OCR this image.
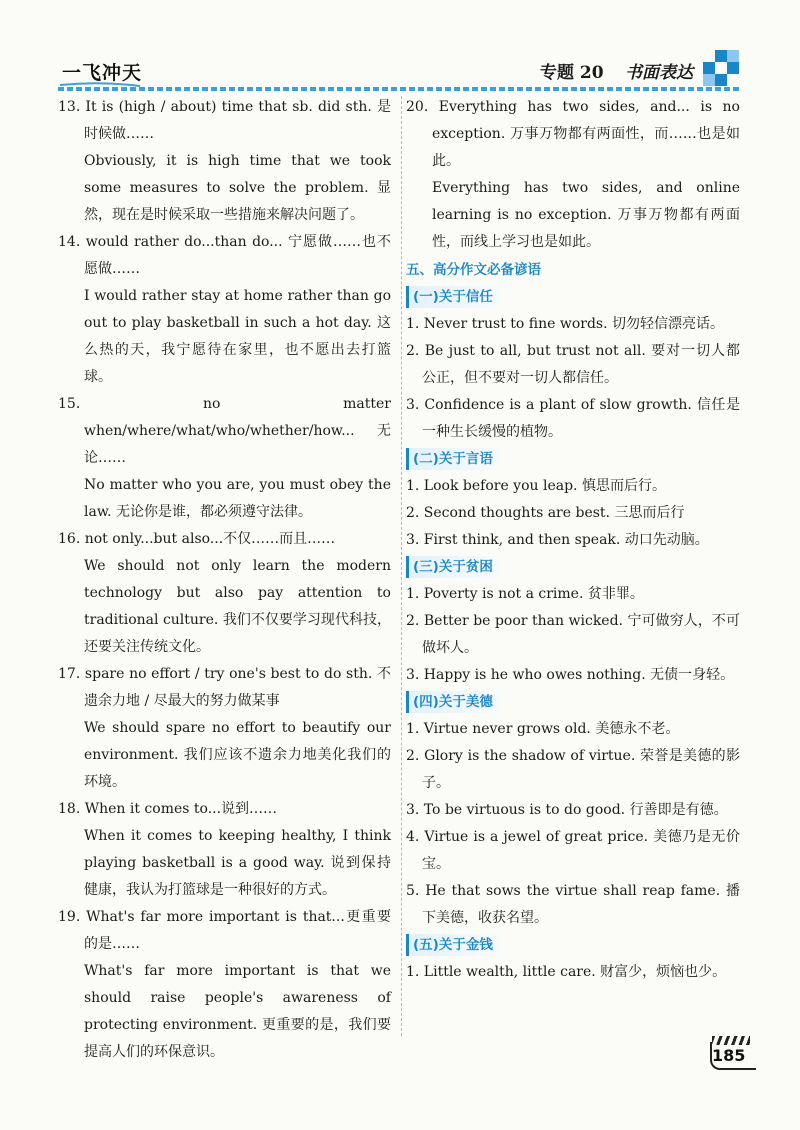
一飞冲天	专题 20 书面表达
13. It is (high / about) time that sb. did sth. 是时候做……
Obviously, it is high time that we took some measures to solve the problem. 显然，现在是时候采取一些措施来解决问题了。
14. would rather do...than do... 宁愿做……也不愿做……
I would rather stay at home rather than go out to play basketball in such a hot day. 这么热的天，我宁愿待在家里，也不愿出去打篮球。
15. no matter when/where/what/who/whether/how...无论……
No matter who you are, you must obey the law. 无论你是谁，都必须遵守法律。
16. not only...but also...不仅……而且……
We should not only learn the modern technology but also pay attention to traditional culture. 我们不仅要学习现代科技，还要关注传统文化。
17. spare no effort / try one's best to do sth. 不遗余力地 / 尽最大的努力做某事
We should spare no effort to beautify our environment. 我们应该不遗余力地美化我们的环境。
18. When it comes to...说到……
When it comes to keeping healthy, I think playing basketball is a good way. 说到保持健康，我认为打篮球是一种很好的方式。
19. What's far more important is that...更重要的是……
What's far more important is that we should raise people's awareness of protecting environment. 更重要的是，我们要提高人们的环保意识。
20. Everything has two sides, and... is no exception. 万事万物都有两面性，而……也是如此。
Everything has two sides, and online learning is no exception. 万事万物都有两面性，而线上学习也是如此。
五、高分作文必备谚语
(一)关于信任
1. Never trust to fine words. 切勿轻信漂亮话。
2. Be just to all, but trust not all. 要对一切人都公正，但不要对一切人都信任。
3. Confidence is a plant of slow growth. 信任是一种生长缓慢的植物。
(二)关于言语
1. Look before you leap. 慎思而后行。
2. Second thoughts are best. 三思而后行
3. First think, and then speak. 动口先动脑。
(三)关于贫困
1. Poverty is not a crime. 贫非罪。
2. Better be poor than wicked. 宁可做穷人，不可做坏人。
3. Happy is he who owes nothing. 无债一身轻。
(四)关于美德
1. Virtue never grows old. 美德永不老。
2. Glory is the shadow of virtue. 荣誉是美德的影子。
3. To be virtuous is to do good. 行善即是有德。
4. Virtue is a jewel of great price. 美德乃是无价宝。
5. He that sows the virtue shall reap fame. 播下美德，收获名望。
(五)关于金钱
1. Little wealth, little care. 财富少，烦恼也少。
185
